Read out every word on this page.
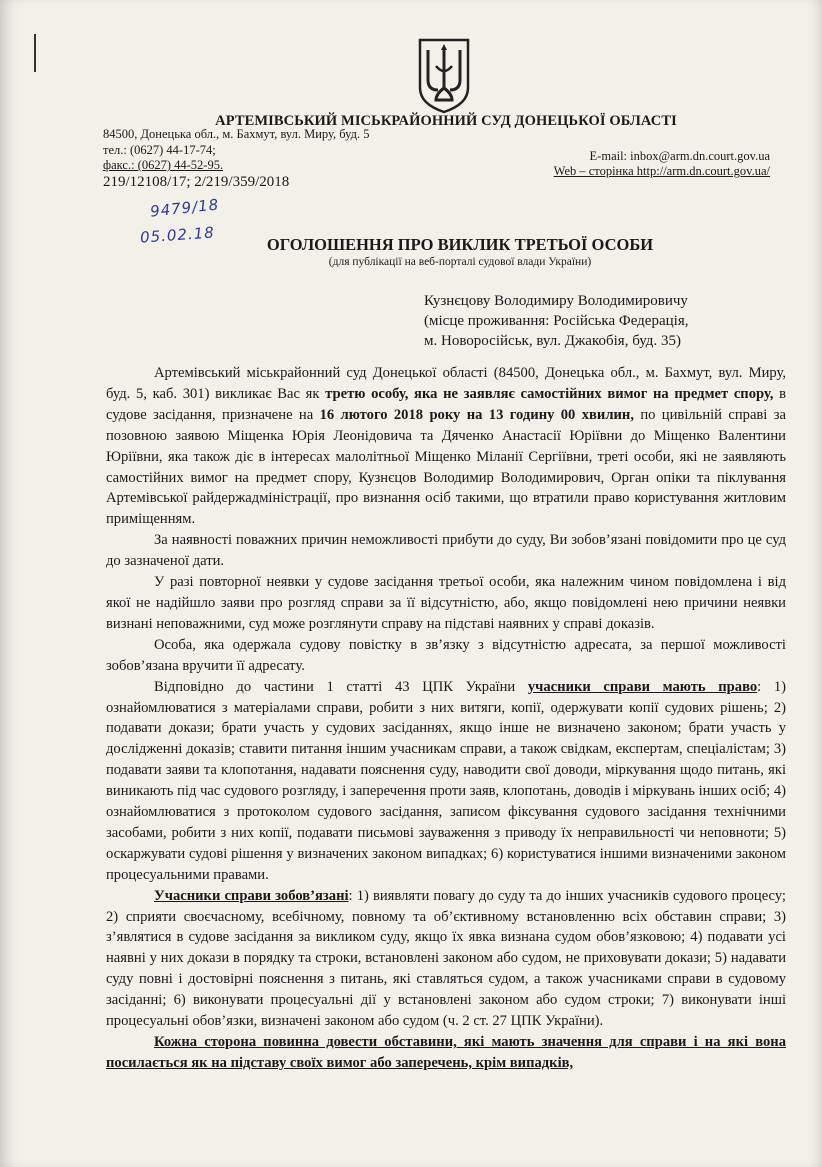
АРТЕМІВСЬКИЙ МІСЬКРАЙОННИЙ СУД ДОНЕЦЬКОЇ ОБЛАСТІ
84500, Донецька обл., м. Бахмут, вул. Миру, буд. 5
тел.: (0627) 44-17-74;
факс.: (0627) 44-52-95.
E-mail: inbox@arm.dn.court.gov.ua
Web – сторінка http://arm.dn.court.gov.ua/
219/12108/17; 2/219/359/2018
9479/18
05.02.18	ОГОЛОШЕННЯ ПРО ВИКЛИК ТРЕТЬОЇ ОСОБИ
(для публікації на веб-порталі судової влади України)
Кузнєцову Володимиру Володимировичу
(місце проживання: Російська Федерація,
м. Новоросійськ, вул. Джакобія, буд. 35)

Артемівський міськрайонний суд Донецької області (84500, Донецька обл., м. Бахмут, вул. Миру, буд. 5, каб. 301) викликає Вас як третю особу, яка не заявляє самостійних вимог на предмет спору, в судове засідання, призначене на 16 лютого 2018 року на 13 годину 00 хвилин, по цивільній справі за позовною заявою Міщенка Юрія Леонідовича та Дяченко Анастасії Юріївни до Міщенко Валентини Юріївни, яка також діє в інтересах малолітньої Міщенко Міланії Сергіївни, треті особи, які не заявляють самостійних вимог на предмет спору, Кузнєцов Володимир Володимирович, Орган опіки та піклування Артемівської райдержадміністрації, про визнання осіб такими, що втратили право користування житловим приміщенням.

За наявності поважних причин неможливості прибути до суду, Ви зобов’язані повідомити про це суд до зазначеної дати.

У разі повторної неявки у судове засідання третьої особи, яка належним чином повідомлена і від якої не надійшло заяви про розгляд справи за її відсутністю, або, якщо повідомлені нею причини неявки визнані неповажними, суд може розглянути справу на підставі наявних у справі доказів.

Особа, яка одержала судову повістку в зв’язку з відсутністю адресата, за першої можливості зобов’язана вручити її адресату.

Відповідно до частини 1 статті 43 ЦПК України учасники справи мають право: 1) ознайомлюватися з матеріалами справи, робити з них витяги, копії, одержувати копії судових рішень; 2) подавати докази; брати участь у судових засіданнях, якщо інше не визначено законом; брати участь у дослідженні доказів; ставити питання іншим учасникам справи, а також свідкам, експертам, спеціалістам; 3) подавати заяви та клопотання, надавати пояснення суду, наводити свої доводи, міркування щодо питань, які виникають під час судового розгляду, і заперечення проти заяв, клопотань, доводів і міркувань інших осіб; 4) ознайомлюватися з протоколом судового засідання, записом фіксування судового засідання технічними засобами, робити з них копії, подавати письмові зауваження з приводу їх неправильності чи неповноти; 5) оскаржувати судові рішення у визначених законом випадках; 6) користуватися іншими визначеними законом процесуальними правами.

Учасники справи зобов’язані: 1) виявляти повагу до суду та до інших учасників судового процесу; 2) сприяти своєчасному, всебічному, повному та об’єктивному встановленню всіх обставин справи; 3) з’являтися в судове засідання за викликом суду, якщо їх явка визнана судом обов’язковою; 4) подавати усі наявні у них докази в порядку та строки, встановлені законом або судом, не приховувати докази; 5) надавати суду повні і достовірні пояснення з питань, які ставляться судом, а також учасниками справи в судовому засіданні; 6) виконувати процесуальні дії у встановлені законом або судом строки; 7) виконувати інші процесуальні обов’язки, визначені законом або судом (ч. 2 ст. 27 ЦПК України).

Кожна сторона повинна довести обставини, які мають значення для справи і на які вона посилається як на підставу своїх вимог або заперечень, крім випадків,
